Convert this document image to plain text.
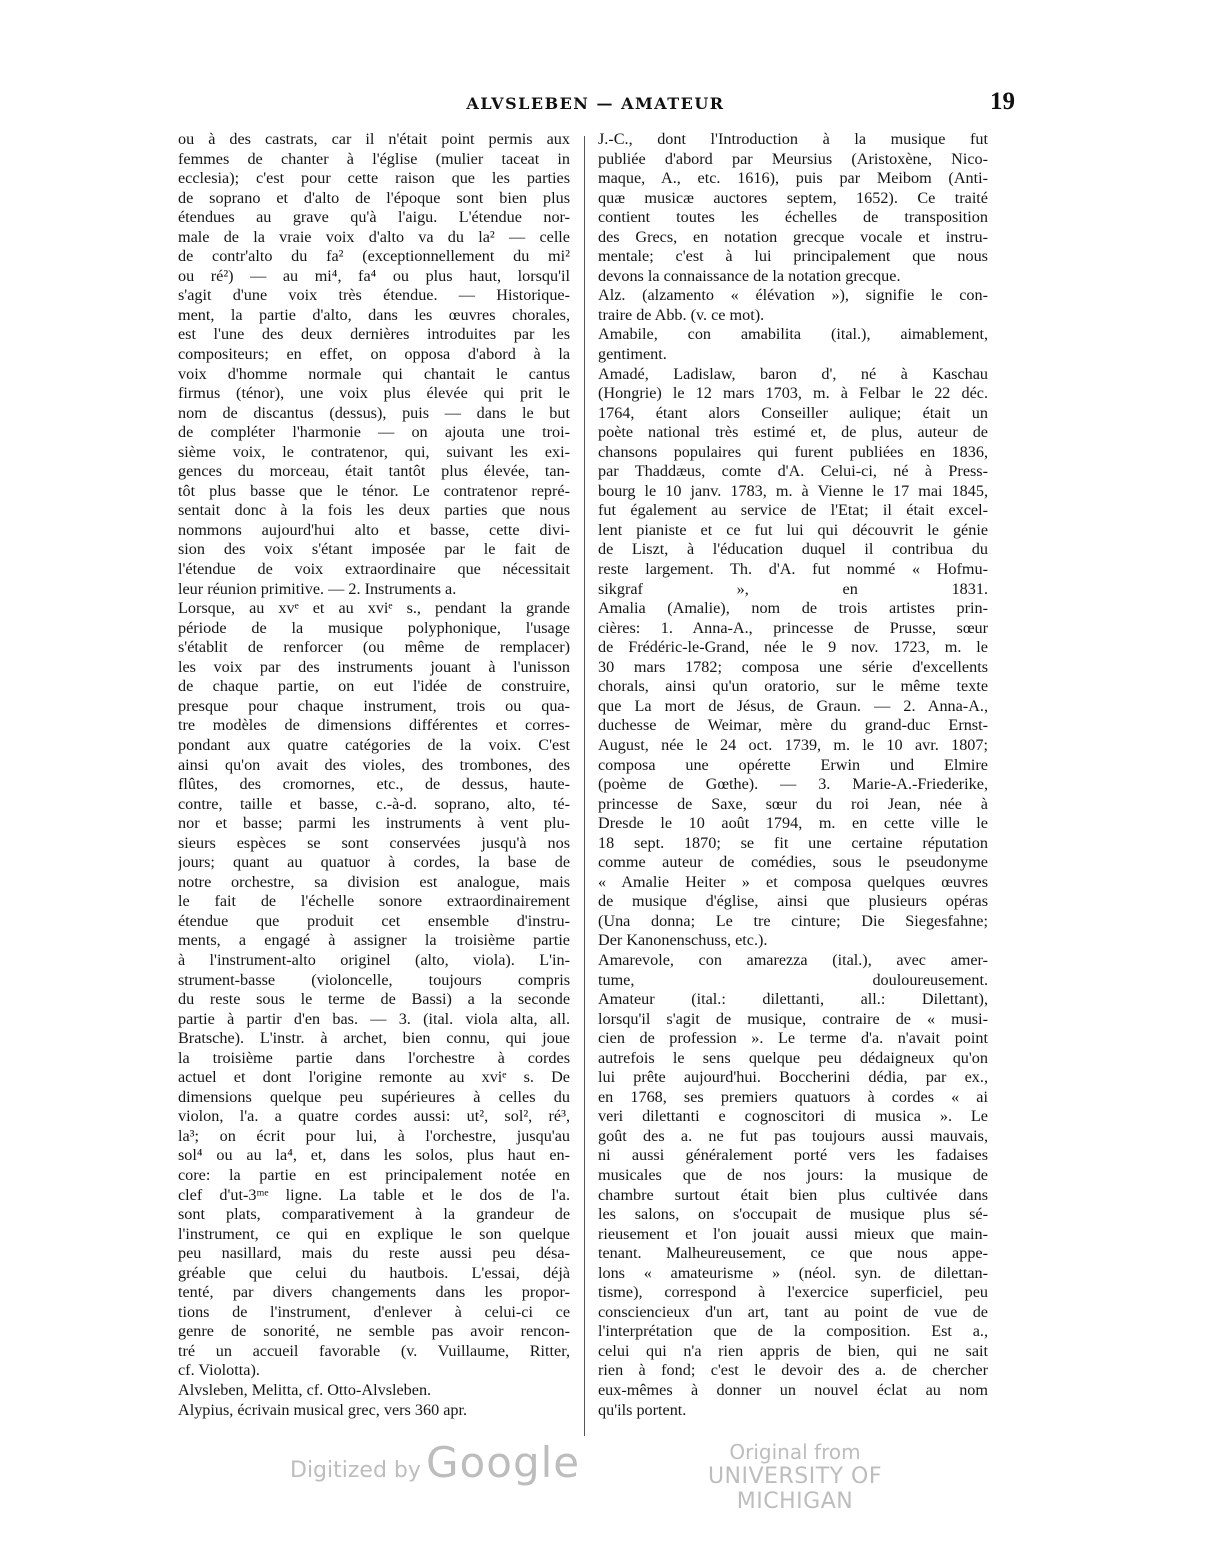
ALVSLEBEN — AMATEUR	19
ou à des castrats, car il n'était point permis aux
femmes de chanter à l'église (mulier taceat in
ecclesia); c'est pour cette raison que les parties
de soprano et d'alto de l'époque sont bien plus
étendues au grave qu'à l'aigu. L'étendue nor-
male de la vraie voix d'alto va du la² — celle
de contr'alto du fa² (exceptionnellement du mi²
ou ré²) — au mi⁴, fa⁴ ou plus haut, lorsqu'il
s'agit d'une voix très étendue. — Historique-
ment, la partie d'alto, dans les œuvres chorales,
est l'une des deux dernières introduites par les
compositeurs; en effet, on opposa d'abord à la
voix d'homme normale qui chantait le cantus
firmus (ténor), une voix plus élevée qui prit le
nom de discantus (dessus), puis — dans le but
de compléter l'harmonie — on ajouta une troi-
sième voix, le contratenor, qui, suivant les exi-
gences du morceau, était tantôt plus élevée, tan-
tôt plus basse que le ténor. Le contratenor repré-
sentait donc à la fois les deux parties que nous
nommons aujourd'hui alto et basse, cette divi-
sion des voix s'étant imposée par le fait de
l'étendue de voix extraordinaire que nécessitait
leur réunion primitive. — 2. Instruments a.
Lorsque, au xvᵉ et au xviᵉ s., pendant la grande
période de la musique polyphonique, l'usage
s'établit de renforcer (ou même de remplacer)
les voix par des instruments jouant à l'unisson
de chaque partie, on eut l'idée de construire,
presque pour chaque instrument, trois ou qua-
tre modèles de dimensions différentes et corres-
pondant aux quatre catégories de la voix. C'est
ainsi qu'on avait des violes, des trombones, des
flûtes, des cromornes, etc., de dessus, haute-
contre, taille et basse, c.-à-d. soprano, alto, té-
nor et basse; parmi les instruments à vent plu-
sieurs espèces se sont conservées jusqu'à nos
jours; quant au quatuor à cordes, la base de
notre orchestre, sa division est analogue, mais
le fait de l'échelle sonore extraordinairement
étendue que produit cet ensemble d'instru-
ments, a engagé à assigner la troisième partie
à l'instrument-alto originel (alto, viola). L'in-
strument-basse (violoncelle, toujours compris
du reste sous le terme de Bassi) a la seconde
partie à partir d'en bas. — 3. (ital. viola alta, all.
Bratsche). L'instr. à archet, bien connu, qui joue
la troisième partie dans l'orchestre à cordes
actuel et dont l'origine remonte au xviᵉ s. De
dimensions quelque peu supérieures à celles du
violon, l'a. a quatre cordes aussi: ut², sol², ré³,
la³; on écrit pour lui, à l'orchestre, jusqu'au
sol⁴ ou au la⁴, et, dans les solos, plus haut en-
core: la partie en est principalement notée en
clef d'ut-3ᵐᵉ ligne. La table et le dos de l'a.
sont plats, comparativement à la grandeur de
l'instrument, ce qui en explique le son quelque
peu nasillard, mais du reste aussi peu désa-
gréable que celui du hautbois. L'essai, déjà
tenté, par divers changements dans les propor-
tions de l'instrument, d'enlever à celui-ci ce
genre de sonorité, ne semble pas avoir rencon-
tré un accueil favorable (v. Vuillaume, Ritter,
cf. Violotta).
Alvsleben, Melitta, cf. Otto-Alvsleben.
Alypius, écrivain musical grec, vers 360 apr.
J.-C., dont l'Introduction à la musique fut
publiée d'abord par Meursius (Aristoxène, Nico-
maque, A., etc. 1616), puis par Meibom (Anti-
quæ musicæ auctores septem, 1652). Ce traité
contient toutes les échelles de transposition
des Grecs, en notation grecque vocale et instru-
mentale; c'est à lui principalement que nous
devons la connaissance de la notation grecque.
Alz. (alzamento « élévation »), signifie le con-
traire de Abb. (v. ce mot).
Amabile, con amabilita (ital.), aimablement,
gentiment.
Amadé, Ladislaw, baron d', né à Kaschau
(Hongrie) le 12 mars 1703, m. à Felbar le 22 déc.
1764, étant alors Conseiller aulique; était un
poète national très estimé et, de plus, auteur de
chansons populaires qui furent publiées en 1836,
par Thaddæus, comte d'A. Celui-ci, né à Press-
bourg le 10 janv. 1783, m. à Vienne le 17 mai 1845,
fut également au service de l'Etat; il était excel-
lent pianiste et ce fut lui qui découvrit le génie
de Liszt, à l'éducation duquel il contribua du
reste largement. Th. d'A. fut nommé « Hofmu-
sikgraf », en 1831.
Amalia (Amalie), nom de trois artistes prin-
cières: 1. Anna-A., princesse de Prusse, sœur
de Frédéric-le-Grand, née le 9 nov. 1723, m. le
30 mars 1782; composa une série d'excellents
chorals, ainsi qu'un oratorio, sur le même texte
que La mort de Jésus, de Graun. — 2. Anna-A.,
duchesse de Weimar, mère du grand-duc Ernst-
August, née le 24 oct. 1739, m. le 10 avr. 1807;
composa une opérette Erwin und Elmire
(poème de Gœthe). — 3. Marie-A.-Friederike,
princesse de Saxe, sœur du roi Jean, née à
Dresde le 10 août 1794, m. en cette ville le
18 sept. 1870; se fit une certaine réputation
comme auteur de comédies, sous le pseudonyme
« Amalie Heiter » et composa quelques œuvres
de musique d'église, ainsi que plusieurs opéras
(Una donna; Le tre cinture; Die Siegesfahne;
Der Kanonenschuss, etc.).
Amarevole, con amarezza (ital.), avec amer-
tume, douloureusement.
Amateur (ital.: dilettanti, all.: Dilettant),
lorsqu'il s'agit de musique, contraire de « musi-
cien de profession ». Le terme d'a. n'avait point
autrefois le sens quelque peu dédaigneux qu'on
lui prête aujourd'hui. Boccherini dédia, par ex.,
en 1768, ses premiers quatuors à cordes « ai
veri dilettanti e cognoscitori di musica ». Le
goût des a. ne fut pas toujours aussi mauvais,
ni aussi généralement porté vers les fadaises
musicales que de nos jours: la musique de
chambre surtout était bien plus cultivée dans
les salons, on s'occupait de musique plus sé-
rieusement et l'on jouait aussi mieux que main-
tenant. Malheureusement, ce que nous appe-
lons « amateurisme » (néol. syn. de dilettan-
tisme), correspond à l'exercice superficiel, peu
consciencieux d'un art, tant au point de vue de
l'interprétation que de la composition. Est a.,
celui qui n'a rien appris de bien, qui ne sait
rien à fond; c'est le devoir des a. de chercher
eux-mêmes à donner un nouvel éclat au nom
qu'ils portent.
Digitized by Google	Original from
UNIVERSITY OF MICHIGAN
